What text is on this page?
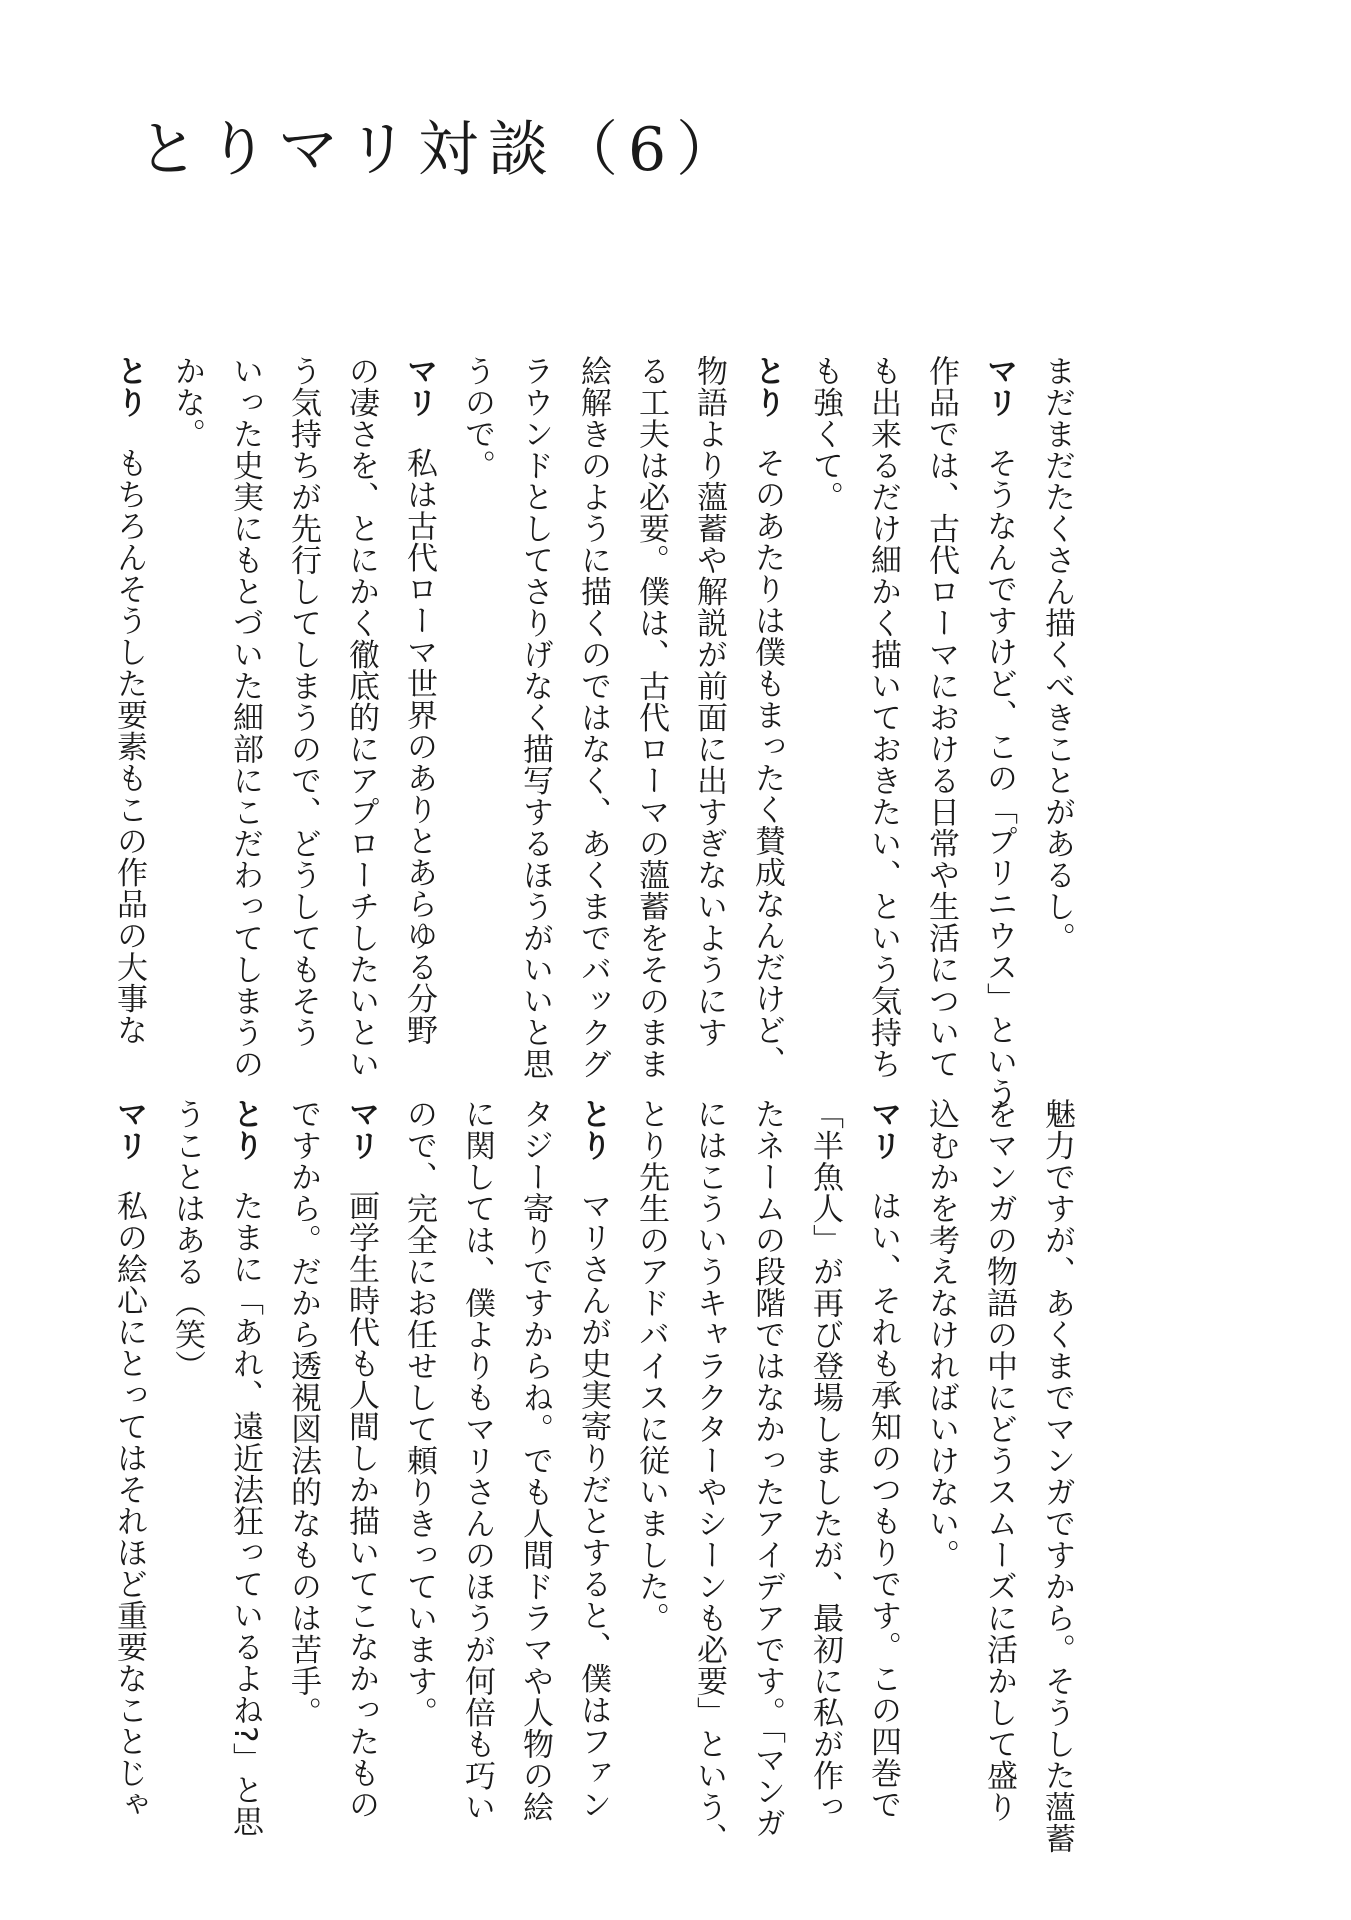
とりマリ対談（6）
まだまだたくさん描くべきことがあるし。
マリそうなんですけど、この「プリニウス」という
作品では、古代ローマにおける日常や生活について
も出来るだけ細かく描いておきたい、という気持ち
も強くて。
とりそのあたりは僕もまったく賛成なんだけど、
物語より薀蓄や解説が前面に出すぎないようにす
る工夫は必要。僕は、古代ローマの薀蓄をそのまま
絵解きのように描くのではなく、あくまでバックグ
ラウンドとしてさりげなく描写するほうがいいと思
うので。
マリ私は古代ローマ世界のありとあらゆる分野
の凄さを、とにかく徹底的にアプローチしたいとい
う気持ちが先行してしまうので、どうしてもそう
いった史実にもとづいた細部にこだわってしまうの
かな。
とりもちろんそうした要素もこの作品の大事な
魅力ですが、あくまでマンガですから。そうした薀蓄
をマンガの物語の中にどうスムーズに活かして盛り
込むかを考えなければいけない。
マリはい、それも承知のつもりです。この四巻で
「半魚人」が再び登場しましたが、最初に私が作っ
たネームの段階ではなかったアイデアです。「マンガ
にはこういうキャラクターやシーンも必要」という、
とり先生のアドバイスに従いました。
とりマリさんが史実寄りだとすると、僕はファン
タジー寄りですからね。でも人間ドラマや人物の絵
に関しては、僕よりもマリさんのほうが何倍も巧い
ので、完全にお任せして頼りきっています。
マリ画学生時代も人間しか描いてこなかったもの
ですから。だから透視図法的なものは苦手。
とりたまに「あれ、遠近法狂っているよね?」と思
うことはある（笑）
マリ私の絵心にとってはそれほど重要なことじゃ
